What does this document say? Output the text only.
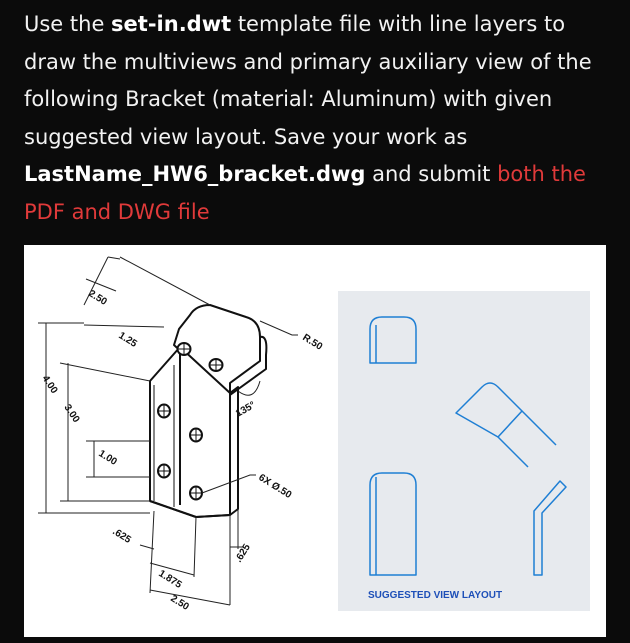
Use the set-in.dwt template file with line layers to draw the multiviews and primary auxiliary view of the following Bracket (material: Aluminum) with given suggested view layout. Save your work as LastName_HW6_bracket.dwg and submit both the PDF and DWG file
2.50
1.25
4.00
3.00
1.00
.625
1.875
2.50
R.50
135°
6X Ø.50
.625
SUGGESTED VIEW LAYOUT
